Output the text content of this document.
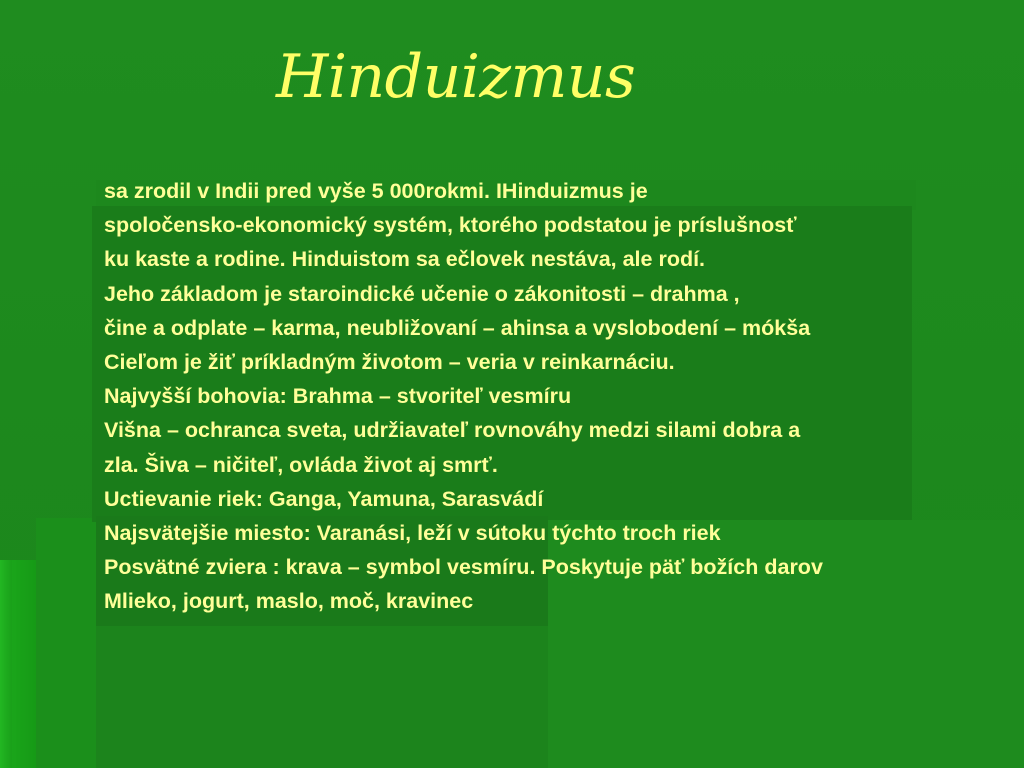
Hinduizmus
sa zrodil v Indii pred vyše 5 000rokmi. IHinduizmus je
spoločensko-ekonomický systém, ktorého podstatou je príslušnosť
ku kaste a rodine. Hinduistom sa ečlovek nestáva, ale rodí.
Jeho základom je staroindické učenie o zákonitosti – drahma ,
čine a odplate – karma, neubližovaní – ahinsa a vyslobodení – mókša
Cieľom je žiť príkladným životom – veria v reinkarnáciu.
Najvyšší bohovia: Brahma – stvoriteľ vesmíru
Višna – ochranca sveta, udržiavateľ rovnováhy medzi silami dobra a
zla. Šiva – ničiteľ, ovláda život aj smrť.
Uctievanie riek: Ganga, Yamuna, Sarasvádí
Najsvätejšie miesto: Varanási, leží v sútoku týchto troch riek
Posvätné zviera : krava – symbol vesmíru. Poskytuje päť božích darov
Mlieko, jogurt, maslo, moč, kravinec
